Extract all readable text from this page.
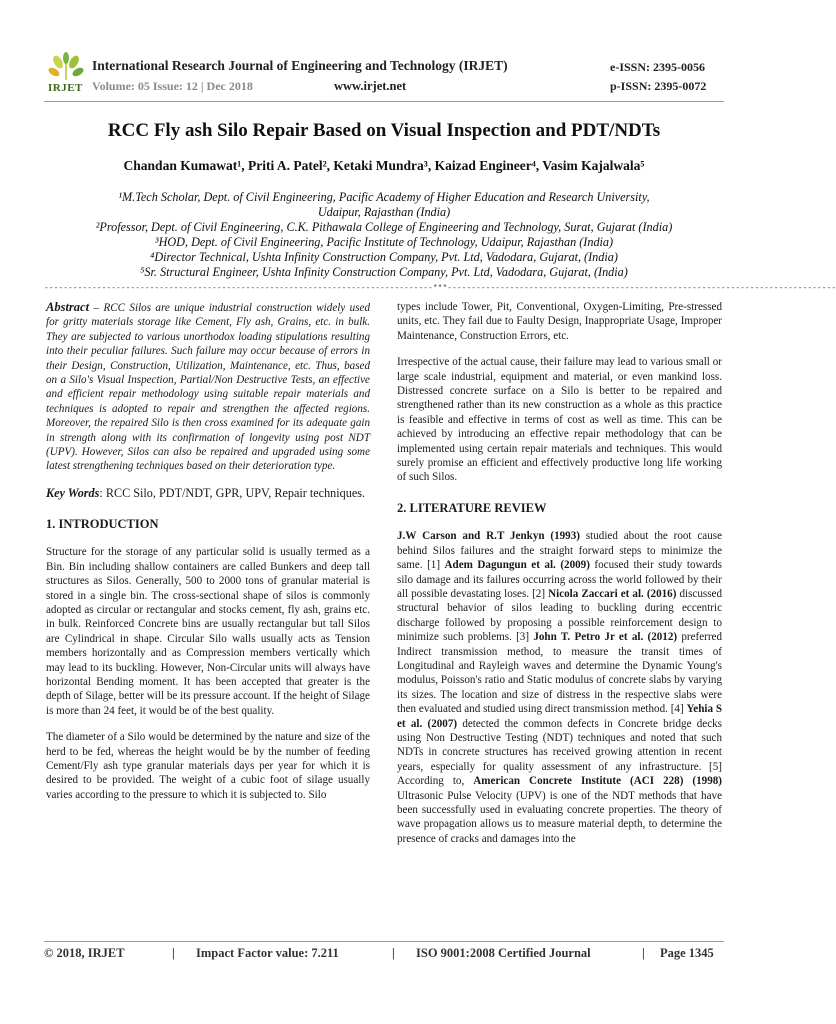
IRJET
International Research Journal of Engineering and Technology (IRJET)
Volume: 05 Issue: 12 | Dec 2018	www.irjet.net
e-ISSN: 2395-0056
p-ISSN: 2395-0072
RCC Fly ash Silo Repair Based on Visual Inspection and PDT/NDTs
Chandan Kumawat¹, Priti A. Patel², Ketaki Mundra³, Kaizad Engineer⁴, Vasim Kajalwala⁵
¹M.Tech Scholar, Dept. of Civil Engineering, Pacific Academy of Higher Education and Research University,
Udaipur, Rajasthan (India)
²Professor, Dept. of Civil Engineering, C.K. Pithawala College of Engineering and Technology, Surat, Gujarat (India)
³HOD, Dept. of Civil Engineering, Pacific Institute of Technology, Udaipur, Rajasthan (India)
⁴Director Technical, Ushta Infinity Construction Company, Pvt. Ltd, Vadodara, Gujarat, (India)
⁵Sr. Structural Engineer, Ushta Infinity Construction Company, Pvt. Ltd, Vadodara, Gujarat, (India)
---------------------------------------------------------------------------------***---------------------------------------------------------------------------------

Abstract – RCC Silos are unique industrial construction widely used for gritty materials storage like Cement, Fly ash, Grains, etc. in bulk. They are subjected to various unorthodox loading stipulations resulting into their peculiar failures. Such failure may occur because of errors in their Design, Construction, Utilization, Maintenance, etc. Thus, based on a Silo's Visual Inspection, Partial/Non Destructive Tests, an effective and efficient repair methodology using suitable repair materials and techniques is adopted to repair and strengthen the affected regions. Moreover, the repaired Silo is then cross examined for its adequate gain in strength along with its confirmation of longevity using post NDT (UPV). However, Silos can also be repaired and upgraded using some latest strengthening techniques based on their deterioration type.

Key Words: RCC Silo, PDT/NDT, GPR, UPV, Repair techniques.

1. INTRODUCTION

Structure for the storage of any particular solid is usually termed as a Bin. Bin including shallow containers are called Bunkers and deep tall structures as Silos. Generally, 500 to 2000 tons of granular material is stored in a single bin. The cross-sectional shape of silos is commonly adopted as circular or rectangular and stocks cement, fly ash, grains etc. in bulk. Reinforced Concrete bins are usually rectangular but tall Silos are Cylindrical in shape. Circular Silo walls usually acts as Tension members horizontally and as Compression members vertically which may lead to its buckling. However, Non-Circular units will always have horizontal Bending moment. It has been accepted that greater is the depth of Silage, better will be its pressure account. If the height of Silage is more than 24 feet, it would be of the best quality.

The diameter of a Silo would be determined by the nature and size of the herd to be fed, whereas the height would be by the number of feeding Cement/Fly ash type granular materials days per year for which it is desired to be provided. The weight of a cubic foot of silage usually varies according to the pressure to which it is subjected to. Silo

types include Tower, Pit, Conventional, Oxygen-Limiting, Pre-stressed units, etc. They fail due to Faulty Design, Inappropriate Usage, Improper Maintenance, Construction Errors, etc.

Irrespective of the actual cause, their failure may lead to various small or large scale industrial, equipment and material, or even mankind loss. Distressed concrete surface on a Silo is better to be repaired and strengthened rather than its new construction as a whole as this practice is feasible and effective in terms of cost as well as time. This can be achieved by introducing an effective repair methodology that can be implemented using certain repair materials and techniques. This would surely promise an efficient and effectively productive long life working of such Silos.

2. LITERATURE REVIEW

J.W Carson and R.T Jenkyn (1993) studied about the root cause behind Silos failures and the straight forward steps to minimize the same. [1] Adem Dagungun et al. (2009) focused their study towards silo damage and its failures occurring across the world followed by their all possible devastating loses. [2] Nicola Zaccari et al. (2016) discussed structural behavior of silos leading to buckling during eccentric discharge followed by proposing a possible reinforcement design to minimize such problems. [3] John T. Petro Jr et al. (2012) preferred Indirect transmission method, to measure the transit times of Longitudinal and Rayleigh waves and determine the Dynamic Young's modulus, Poisson's ratio and Static modulus of concrete slabs by varying its sizes. The location and size of distress in the respective slabs were then evaluated and studied using direct transmission method. [4] Yehia S et al. (2007) detected the common defects in Concrete bridge decks using Non Destructive Testing (NDT) techniques and noted that such NDTs in concrete structures has received growing attention in recent years, especially for quality assessment of any infrastructure. [5] According to, American Concrete Institute (ACI 228) (1998) Ultrasonic Pulse Velocity (UPV) is one of the NDT methods that have been successfully used in evaluating concrete properties. The theory of wave propagation allows us to measure material depth, to determine the presence of cracks and damages into the

© 2018, IRJET	| Impact Factor value: 7.211	| ISO 9001:2008 Certified Journal	| Page 1345
